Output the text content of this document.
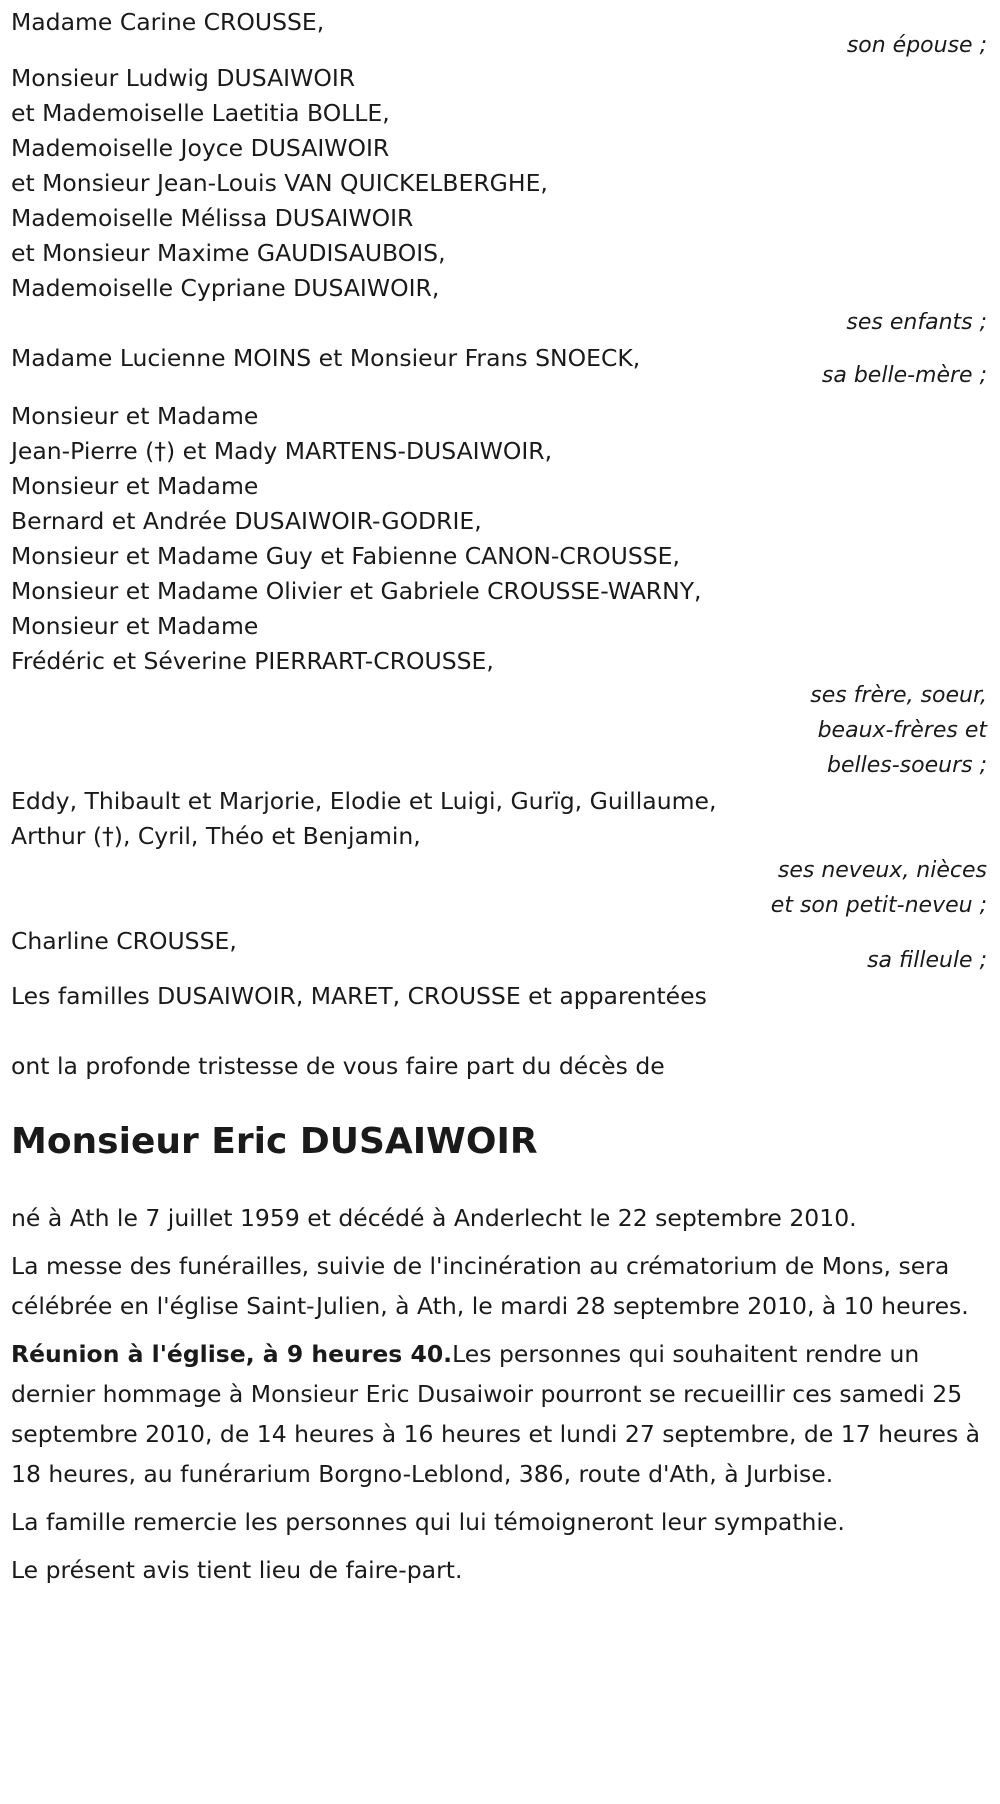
Madame Carine CROUSSE,
son épouse ;
Monsieur Ludwig DUSAIWOIR
et Mademoiselle Laetitia BOLLE,
Mademoiselle Joyce DUSAIWOIR
et Monsieur Jean-Louis VAN QUICKELBERGHE,
Mademoiselle Mélissa DUSAIWOIR
et Monsieur Maxime GAUDISAUBOIS,
Mademoiselle Cypriane DUSAIWOIR,
ses enfants ;
Madame Lucienne MOINS et Monsieur Frans SNOECK,
sa belle-mère ;
Monsieur et Madame
Jean-Pierre (†) et Mady MARTENS-DUSAIWOIR,
Monsieur et Madame
Bernard et Andrée DUSAIWOIR-GODRIE,
Monsieur et Madame Guy et Fabienne CANON-CROUSSE,
Monsieur et Madame Olivier et Gabriele CROUSSE-WARNY,
Monsieur et Madame
Frédéric et Séverine PIERRART-CROUSSE,
ses frère, soeur,
beaux-frères et
belles-soeurs ;
Eddy, Thibault et Marjorie, Elodie et Luigi, Gurïg, Guillaume,
Arthur (†), Cyril, Théo et Benjamin,
ses neveux, nièces
et son petit-neveu ;
Charline CROUSSE,
sa filleule ;
Les familles DUSAIWOIR, MARET, CROUSSE et apparentées
ont la profonde tristesse de vous faire part du décès de
Monsieur Eric DUSAIWOIR

né à Ath le 7 juillet 1959 et décédé à Anderlecht le 22 septembre 2010.

La messe des funérailles, suivie de l'incinération au crématorium de Mons, sera célébrée en l'église Saint-Julien, à Ath, le mardi 28 septembre 2010, à 10 heures.

Réunion à l'église, à 9 heures 40.Les personnes qui souhaitent rendre un dernier hommage à Monsieur Eric Dusaiwoir pourront se recueillir ces samedi 25 septembre 2010, de 14 heures à 16 heures et lundi 27 septembre, de 17 heures à 18 heures, au funérarium Borgno-Leblond, 386, route d'Ath, à Jurbise.

La famille remercie les personnes qui lui témoigneront leur sympathie.

Le présent avis tient lieu de faire-part.
